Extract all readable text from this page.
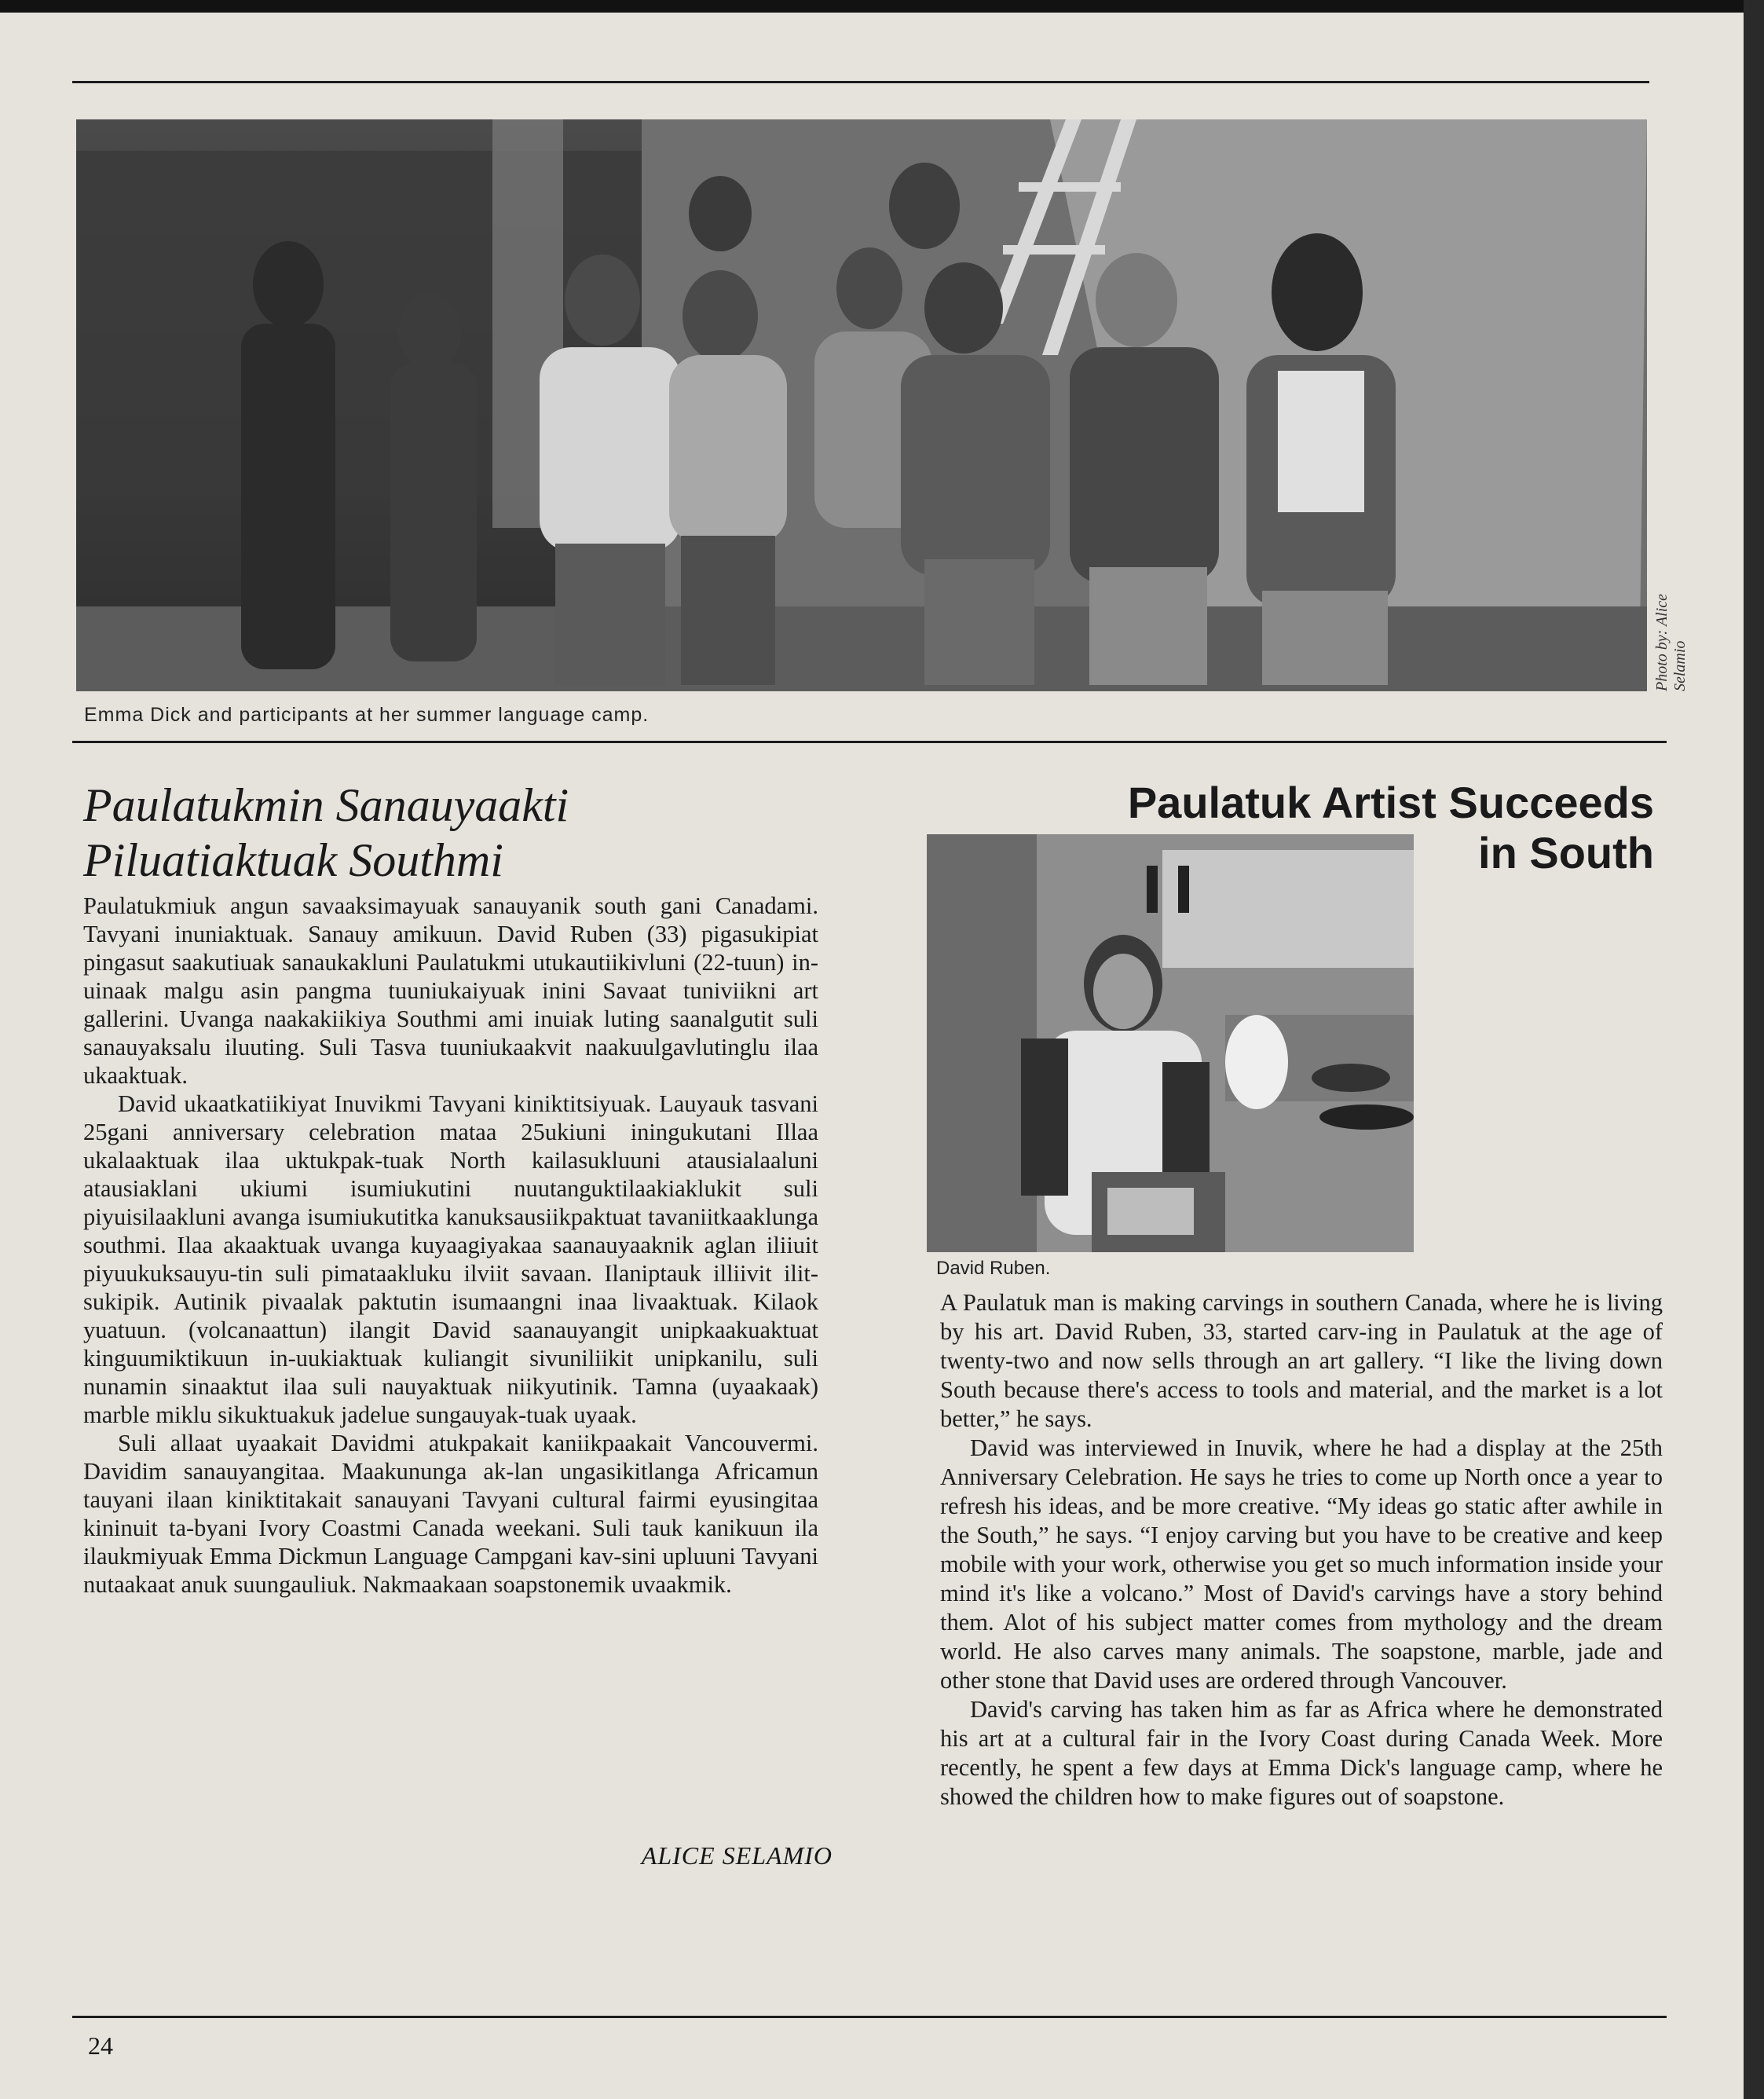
Photo by: Alice Selamio
Emma Dick and participants at her summer language camp.
Paulatukmin Sanauyaakti
Piluatiaktuak Southmi

Paulatukmiuk angun savaaksimayuak sanauyanik south gani Canadami. Tavyani inuniaktuak. Sanauy amikuun. David Ruben (33) pigasukipiat pingasut saakutiuak sanaukakluni Paulatukmi utukautiikivluni (22-tuun) in-uinaak malgu asin pangma tuuniukaiyuak inini Savaat tuniviikni art gallerini. Uvanga naakakiikiya Southmi ami inuiak luting saanalgutit suli sanauyaksalu iluuting. Suli Tasva tuuniukaakvit naakuulgavlutinglu ilaa ukaaktuak.

David ukaatkatiikiyat Inuvikmi Tavyani kiniktitsiyuak. Lauyauk tasvani 25gani anniversary celebration mataa 25ukiuni iningukutani Illaa ukalaaktuak ilaa uktukpak-tuak North kailasukluuni atausialaaluni atausiaklani ukiumi isumiukutini nuutanguktilaakiaklukit suli piyuisilaakluni avanga isumiukutitka kanuksausiikpaktuat tavaniitkaaklunga southmi. Ilaa akaaktuak uvanga kuyaagiyakaa saanauyaaknik aglan iliiuit piyuukuksauyu-tin suli pimataakluku ilviit savaan. Ilaniptauk illiivit ilit-sukipik. Autinik pivaalak paktutin isumaangni inaa livaaktuak. Kilaok yuatuun. (volcanaattun) ilangit David saanauyangit unipkaakuaktuat kinguumiktikuun in-uukiaktuak kuliangit sivuniliikit unipkanilu, suli nunamin sinaaktut ilaa suli nauyaktuak niikyutinik. Tamna (uyaakaak) marble miklu sikuktuakuk jadelue sungauyak-tuak uyaak.

Suli allaat uyaakait Davidmi atukpakait kaniikpaakait Vancouvermi. Davidim sanauyangitaa. Maakununga ak-lan ungasikitlanga Africamun tauyani ilaan kiniktitakait sanauyani Tavyani cultural fairmi eyusingitaa kininuit ta-byani Ivory Coastmi Canada weekani. Suli tauk kanikuun ila ilaukmiyuak Emma Dickmun Language Campgani kav-sini upluuni Tavyani nutaakaat anuk suungauliuk. Nakmaakaan soapstonemik uvaakmik.

ALICE SELAMIO
Paulatuk Artist Succeeds
in South
David Ruben.

A Paulatuk man is making carvings in southern Canada, where he is living by his art. David Ruben, 33, started carv-ing in Paulatuk at the age of twenty-two and now sells through an art gallery. “I like the living down South because there's access to tools and material, and the market is a lot better,” he says.

David was interviewed in Inuvik, where he had a display at the 25th Anniversary Celebration. He says he tries to come up North once a year to refresh his ideas, and be more creative. “My ideas go static after awhile in the South,” he says. “I enjoy carving but you have to be creative and keep mobile with your work, otherwise you get so much information inside your mind it's like a volcano.” Most of David's carvings have a story behind them. Alot of his subject matter comes from mythology and the dream world. He also carves many animals. The soapstone, marble, jade and other stone that David uses are ordered through Vancouver.

David's carving has taken him as far as Africa where he demonstrated his art at a cultural fair in the Ivory Coast during Canada Week. More recently, he spent a few days at Emma Dick's language camp, where he showed the children how to make figures out of soapstone.

24
